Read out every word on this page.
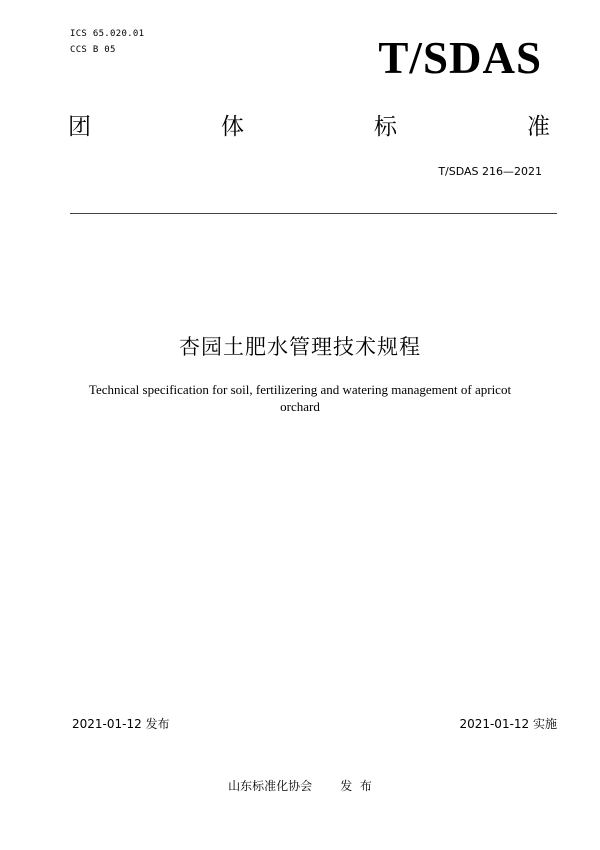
ICS 65.020.01
CCS B 05	T/SDAS
团	体	标	准
T/SDAS 216—2021
杏园土肥水管理技术规程
Technical specification for soil, fertilizering and watering management of apricot orchard
2021-01-12 发布	2021-01-12 实施
山东标准化协会 发  布
